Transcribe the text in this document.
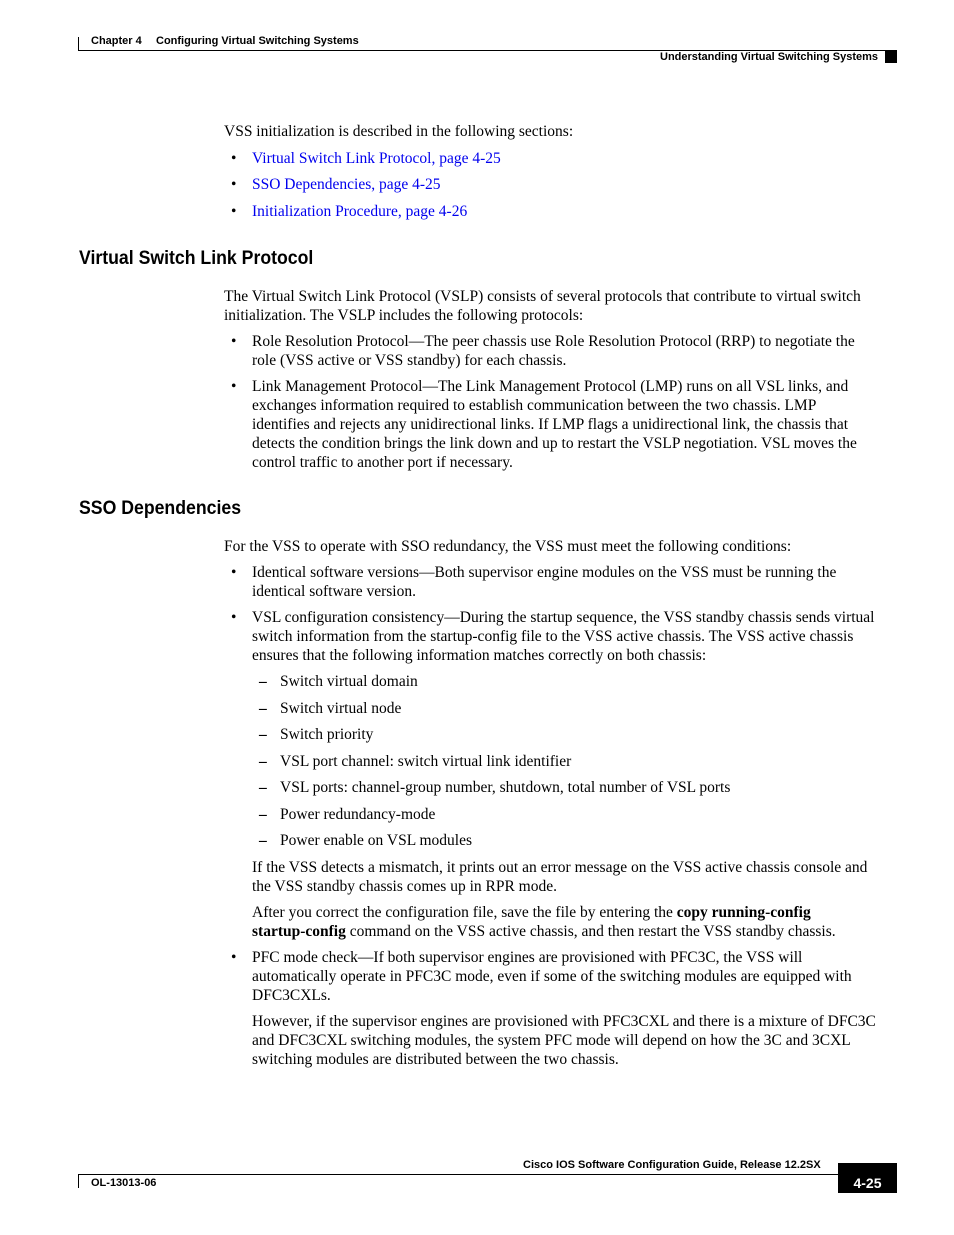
Chapter 4 Configuring Virtual Switching Systems
Understanding Virtual Switching Systems
VSS initialization is described in the following sections:
• Virtual Switch Link Protocol, page 4-25
• SSO Dependencies, page 4-25
• Initialization Procedure, page 4-26
Virtual Switch Link Protocol
The Virtual Switch Link Protocol (VSLP) consists of several protocols that contribute to virtual switch
initialization. The VSLP includes the following protocols:
• Role Resolution Protocol—The peer chassis use Role Resolution Protocol (RRP) to negotiate the
role (VSS active or VSS standby) for each chassis.
• Link Management Protocol—The Link Management Protocol (LMP) runs on all VSL links, and
exchanges information required to establish communication between the two chassis. LMP
identifies and rejects any unidirectional links. If LMP flags a unidirectional link, the chassis that
detects the condition brings the link down and up to restart the VSLP negotiation. VSL moves the
control traffic to another port if necessary.
SSO Dependencies
For the VSS to operate with SSO redundancy, the VSS must meet the following conditions:
• Identical software versions—Both supervisor engine modules on the VSS must be running the
identical software version.
• VSL configuration consistency—During the startup sequence, the VSS standby chassis sends virtual
switch information from the startup-config file to the VSS active chassis. The VSS active chassis
ensures that the following information matches correctly on both chassis:
– Switch virtual domain
– Switch virtual node
– Switch priority
– VSL port channel: switch virtual link identifier
– VSL ports: channel-group number, shutdown, total number of VSL ports
– Power redundancy-mode
– Power enable on VSL modules
If the VSS detects a mismatch, it prints out an error message on the VSS active chassis console and
the VSS standby chassis comes up in RPR mode.
After you correct the configuration file, save the file by entering the copy running-config
startup-config command on the VSS active chassis, and then restart the VSS standby chassis.
• PFC mode check—If both supervisor engines are provisioned with PFC3C, the VSS will
automatically operate in PFC3C mode, even if some of the switching modules are equipped with
DFC3CXLs.
However, if the supervisor engines are provisioned with PFC3CXL and there is a mixture of DFC3C
and DFC3CXL switching modules, the system PFC mode will depend on how the 3C and 3CXL
switching modules are distributed between the two chassis.
Cisco IOS Software Configuration Guide, Release 12.2SX
OL-13013-06	4-25
